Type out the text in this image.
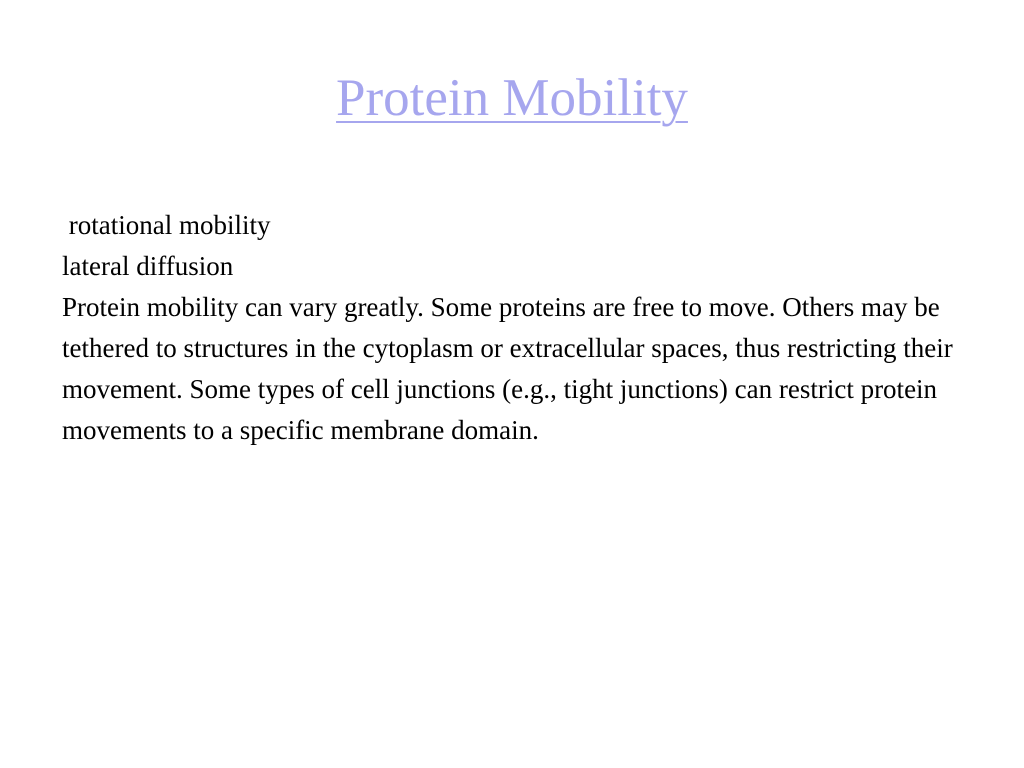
Protein Mobility
rotational mobility
lateral diffusion
Protein mobility can vary greatly. Some proteins are free to move. Others may be tethered to structures in the cytoplasm or extracellular spaces, thus restricting their movement. Some types of cell junctions (e.g., tight junctions) can restrict protein movements to a specific membrane domain.
